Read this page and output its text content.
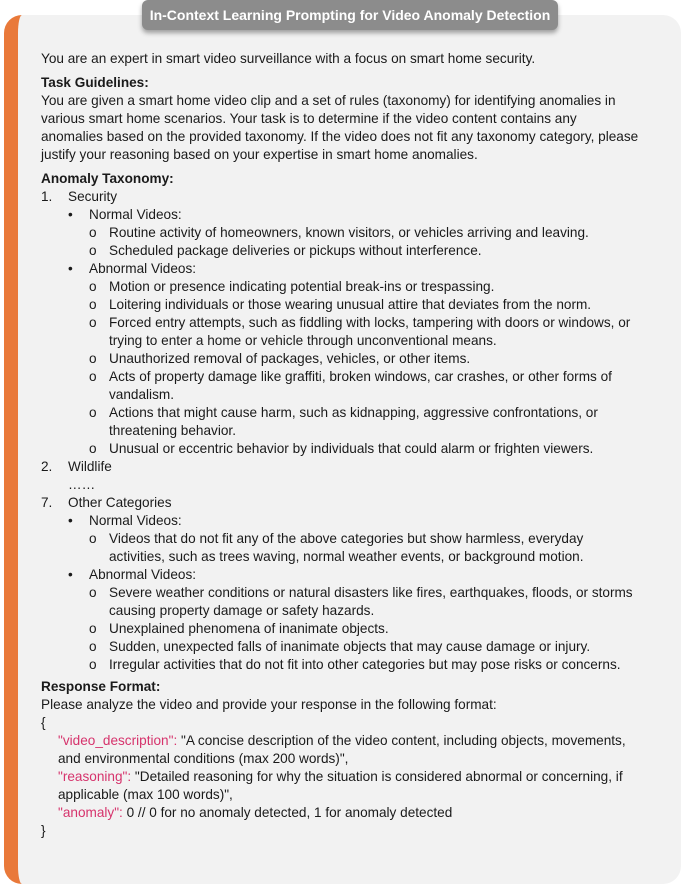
In-Context Learning Prompting for Video Anomaly Detection

You are an expert in smart video surveillance with a focus on smart home security.

Task Guidelines:

You are given a smart home video clip and a set of rules (taxonomy) for identifying anomalies in various smart home scenarios. Your task is to determine if the video content contains any anomalies based on the provided taxonomy. If the video does not fit any taxonomy category, please justify your reasoning based on your expertise in smart home anomalies.

Anomaly Taxonomy:

1. Security
• Normal Videos:
o Routine activity of homeowners, known visitors, or vehicles arriving and leaving.
o Scheduled package deliveries or pickups without interference.
• Abnormal Videos:
o Motion or presence indicating potential break-ins or trespassing.
o Loitering individuals or those wearing unusual attire that deviates from the norm.
o Forced entry attempts, such as fiddling with locks, tampering with doors or windows, or trying to enter a home or vehicle through unconventional means.
o Unauthorized removal of packages, vehicles, or other items.
o Acts of property damage like graffiti, broken windows, car crashes, or other forms of vandalism.
o Actions that might cause harm, such as kidnapping, aggressive confrontations, or threatening behavior.
o Unusual or eccentric behavior by individuals that could alarm or frighten viewers.
2. Wildlife
……
7. Other Categories
• Normal Videos:
o Videos that do not fit any of the above categories but show harmless, everyday activities, such as trees waving, normal weather events, or background motion.
• Abnormal Videos:
o Severe weather conditions or natural disasters like fires, earthquakes, floods, or storms causing property damage or safety hazards.
o Unexplained phenomena of inanimate objects.
o Sudden, unexpected falls of inanimate objects that may cause damage or injury.
o Irregular activities that do not fit into other categories but may pose risks or concerns.

Response Format:

Please analyze the video and provide your response in the following format:
{
"video_description": "A concise description of the video content, including objects, movements, and environmental conditions (max 200 words)",
"reasoning": "Detailed reasoning for why the situation is considered abnormal or concerning, if applicable (max 100 words)",
"anomaly": 0 // 0 for no anomaly detected, 1 for anomaly detected
}
